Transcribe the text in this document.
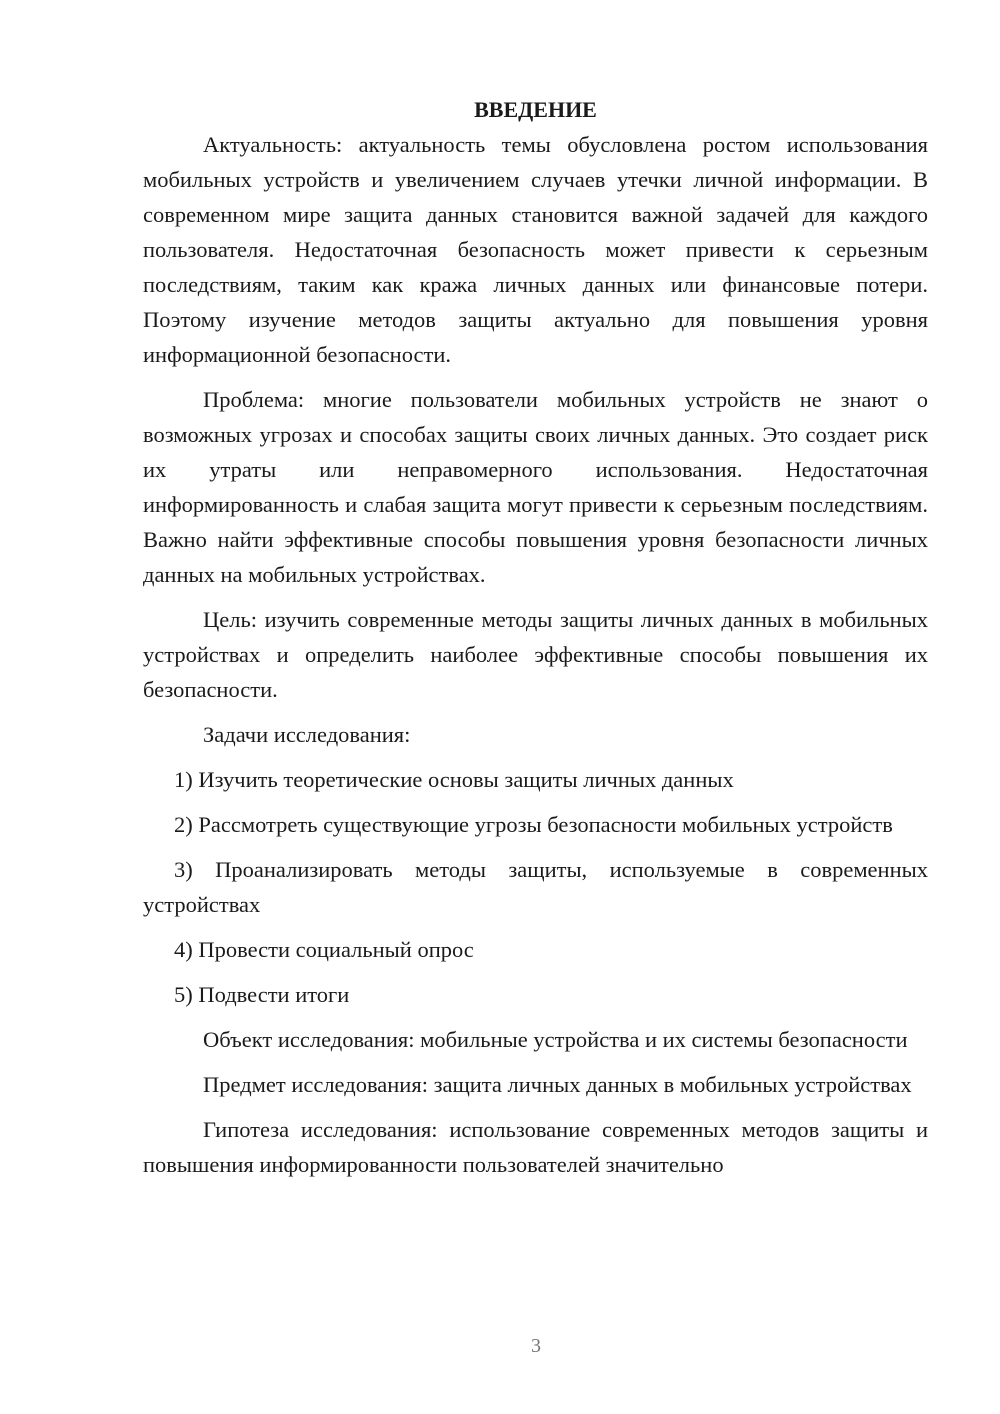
ВВЕДЕНИЕ

Актуальность: актуальность темы обусловлена ростом использования мобильных устройств и увеличением случаев утечки личной информации. В современном мире защита данных становится важной задачей для каждого пользователя. Недостаточная безопасность может привести к серьезным последствиям, таким как кража личных данных или финансовые потери. Поэтому изучение методов защиты актуально для повышения уровня информационной безопасности.

Проблема: многие пользователи мобильных устройств не знают о возможных угрозах и способах защиты своих личных данных. Это создает риск их утраты или неправомерного использования. Недостаточная информированность и слабая защита могут привести к серьезным последствиям. Важно найти эффективные способы повышения уровня безопасности личных данных на мобильных устройствах.

Цель: изучить современные методы защиты личных данных в мобильных устройствах и определить наиболее эффективные способы повышения их безопасности.

Задачи исследования:

1) Изучить теоретические основы защиты личных данных

2) Рассмотреть существующие угрозы безопасности мобильных устройств

3) Проанализировать методы защиты, используемые в современных устройствах

4) Провести социальный опрос

5) Подвести итоги

Объект исследования: мобильные устройства и их системы безопасности

Предмет исследования: защита личных данных в мобильных устройствах

Гипотеза исследования: использование современных методов защиты и повышения информированности пользователей значительно

3
